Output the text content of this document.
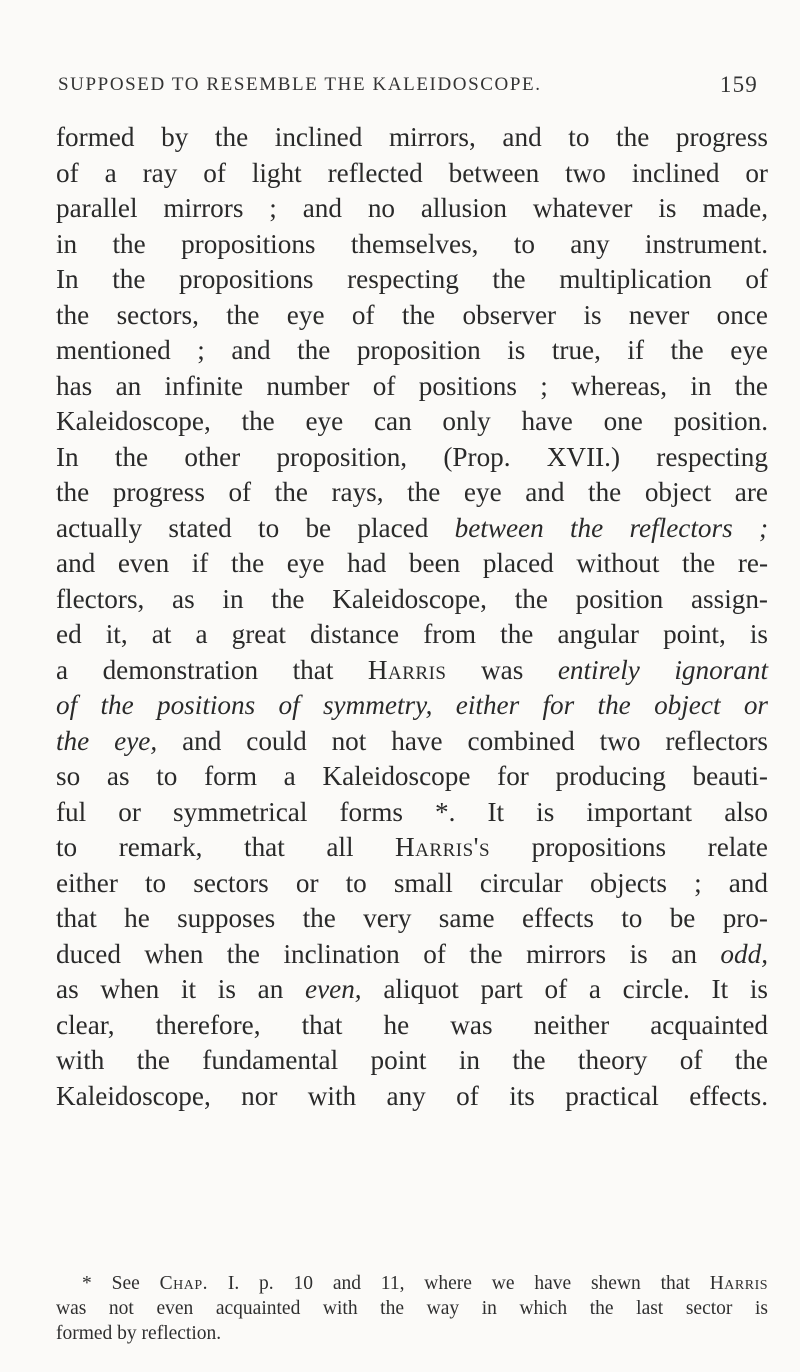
SUPPOSED TO RESEMBLE THE KALEIDOSCOPE.	159
formed by the inclined mirrors, and to the progress
of a ray of light reflected between two inclined or
parallel mirrors ; and no allusion whatever is made,
in the propositions themselves, to any instrument.
In the propositions respecting the multiplication of
the sectors, the eye of the observer is never once
mentioned ; and the proposition is true, if the eye
has an infinite number of positions ; whereas, in the
Kaleidoscope, the eye can only have one position.
In the other proposition, (Prop. XVII.) respecting
the progress of the rays, the eye and the object are
actually stated to be placed between the reflectors ;
and even if the eye had been placed without the re-
flectors, as in the Kaleidoscope, the position assign-
ed it, at a great distance from the angular point, is
a demonstration that Harris was entirely ignorant
of the positions of symmetry, either for the object or
the eye, and could not have combined two reflectors
so as to form a Kaleidoscope for producing beauti-
ful or symmetrical forms *. It is important also
to remark, that all Harris's propositions relate
either to sectors or to small circular objects ; and
that he supposes the very same effects to be pro-
duced when the inclination of the mirrors is an odd,
as when it is an even, aliquot part of a circle. It is
clear, therefore, that he was neither acquainted
with the fundamental point in the theory of the
Kaleidoscope, nor with any of its practical effects.
* See Chap. I. p. 10 and 11, where we have shewn that Harris
was not even acquainted with the way in which the last sector is
formed by reflection.
